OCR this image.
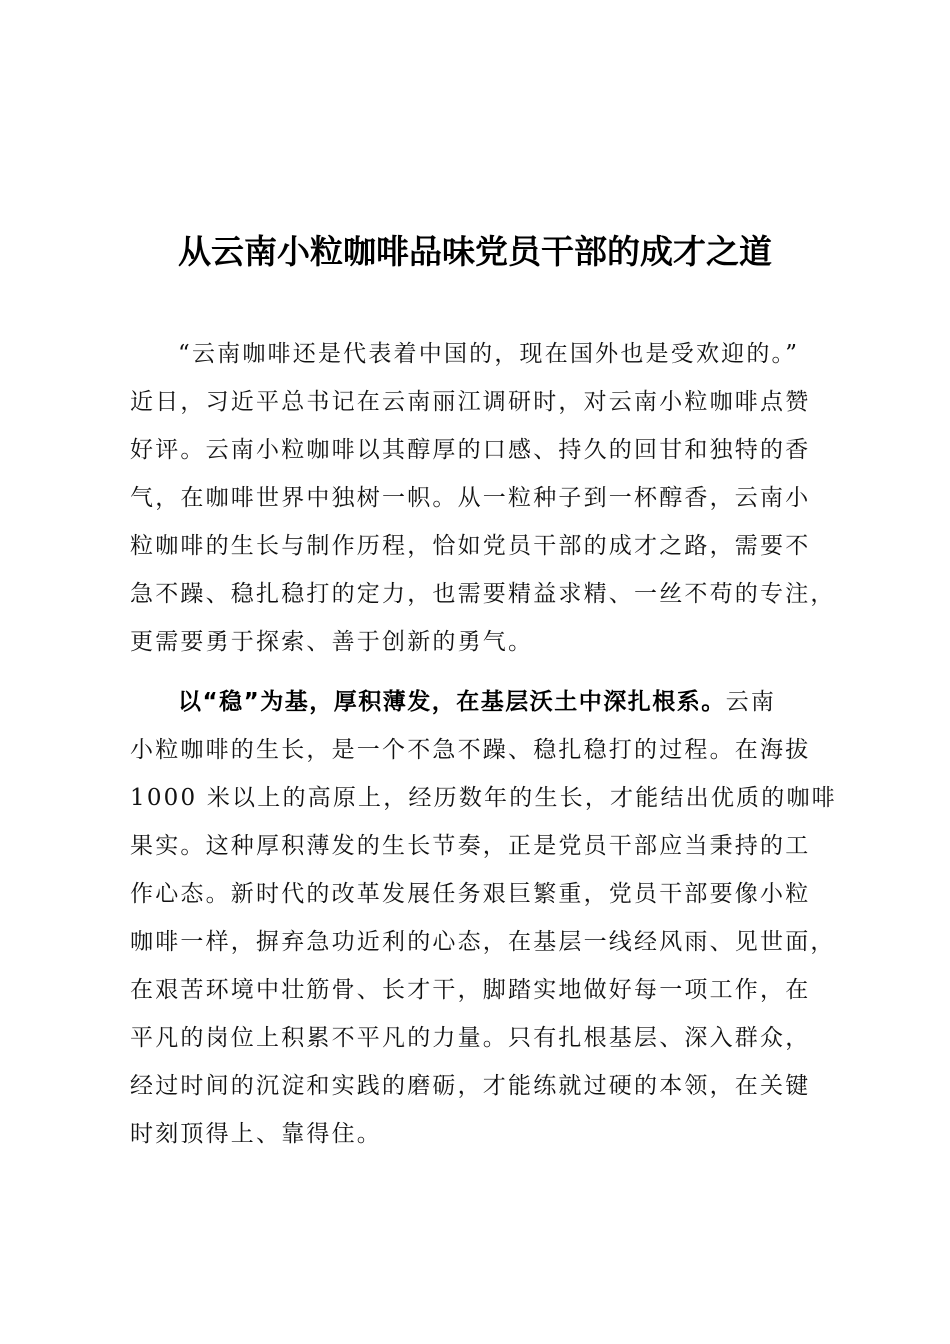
从云南小粒咖啡品味党员干部的成才之道
“云南咖啡还是代表着中国的，现在国外也是受欢迎的。”
近日，习近平总书记在云南丽江调研时，对云南小粒咖啡点赞
好评。云南小粒咖啡以其醇厚的口感、持久的回甘和独特的香
气，在咖啡世界中独树一帜。从一粒种子到一杯醇香，云南小
粒咖啡的生长与制作历程，恰如党员干部的成才之路，需要不
急不躁、稳扎稳打的定力，也需要精益求精、一丝不苟的专注，
更需要勇于探索、善于创新的勇气。
以“稳”为基，厚积薄发，在基层沃土中深扎根系。云南
小粒咖啡的生长，是一个不急不躁、稳扎稳打的过程。在海拔
1000 米以上的高原上，经历数年的生长，才能结出优质的咖啡
果实。这种厚积薄发的生长节奏，正是党员干部应当秉持的工
作心态。新时代的改革发展任务艰巨繁重，党员干部要像小粒
咖啡一样，摒弃急功近利的心态，在基层一线经风雨、见世面，
在艰苦环境中壮筋骨、长才干，脚踏实地做好每一项工作，在
平凡的岗位上积累不平凡的力量。只有扎根基层、深入群众，
经过时间的沉淀和实践的磨砺，才能练就过硬的本领，在关键
时刻顶得上、靠得住。
